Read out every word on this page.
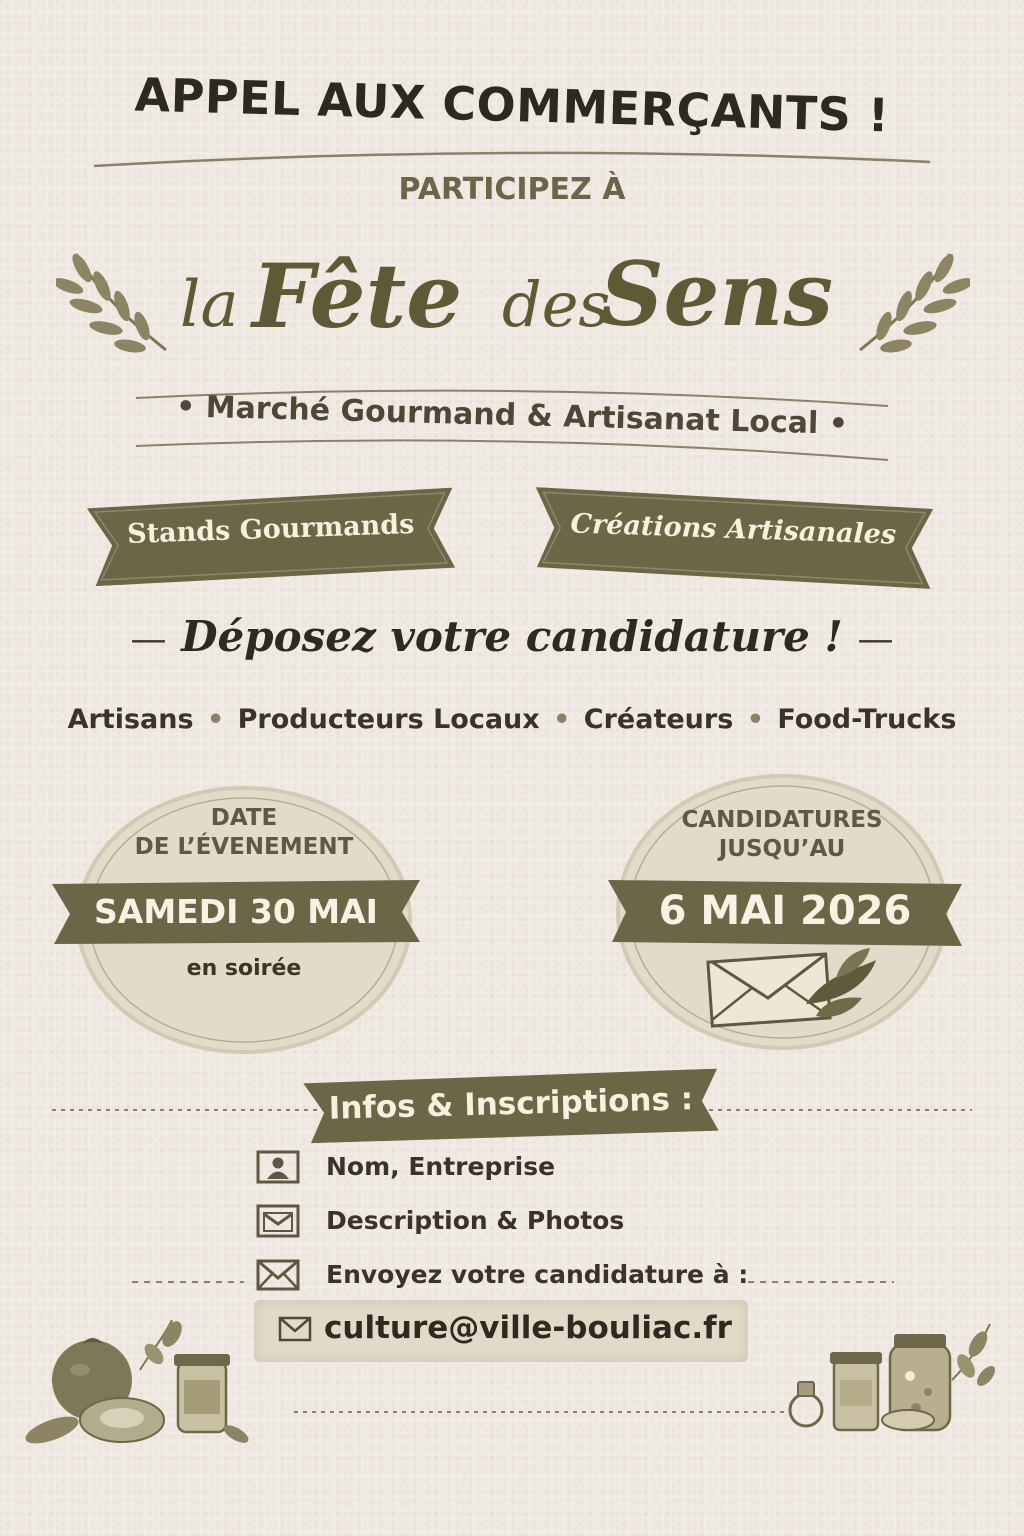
APPEL AUX COMMERÇANTS !
PARTICIPEZ À
la Fête des
Sens
• Marché Gourmand & Artisanat Local •
Stands Gourmands	Créations Artisanales
— Déposez votre candidature ! —
Artisans • Producteurs Locaux • Créateurs • Food-Trucks
DATE
DE L’ÉVENEMENT
SAMEDI 30 MAI
en soirée
CANDIDATURES
JUSQU’AU
6 MAI 2026
Infos & Inscriptions :
Nom, Entreprise
Description & Photos
Envoyez votre candidature à :
culture@ville-bouliac.fr
